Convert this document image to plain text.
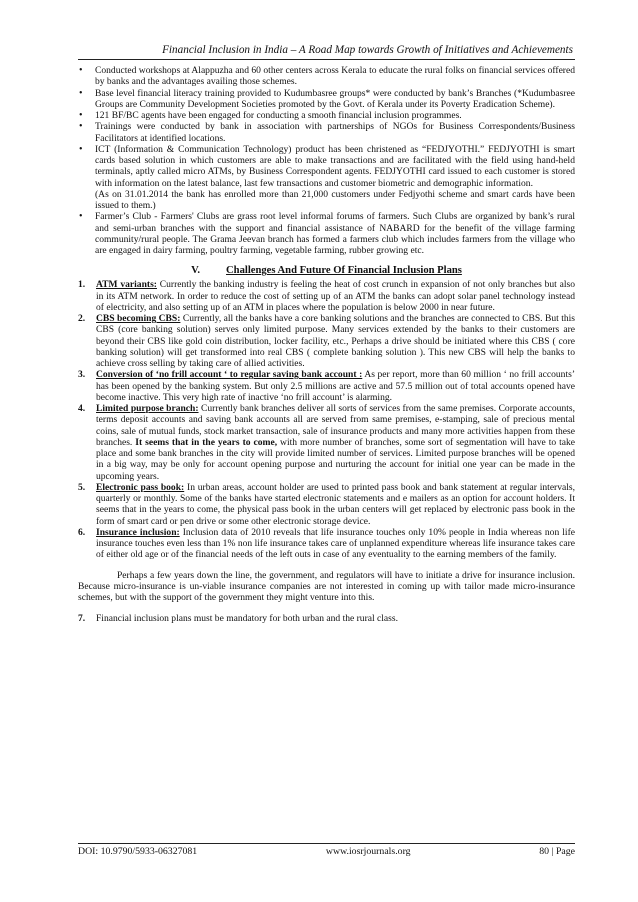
Financial Inclusion in India – A Road Map towards Growth of Initiatives and Achievements
• Conducted workshops at Alappuzha and 60 other centers across Kerala to educate the rural folks on financial services offered by banks and the advantages availing those schemes.
• Base level financial literacy training provided to Kudumbasree groups* were conducted by bank’s Branches (*Kudumbasree Groups are Community Development Societies promoted by the Govt. of Kerala under its Poverty Eradication Scheme).
• 121 BF/BC agents have been engaged for conducting a smooth financial inclusion programmes.
• Trainings were conducted by bank in association with partnerships of NGOs for Business Correspondents/Business Facilitators at identified locations.
• ICT (Information & Communication Technology) product has been christened as “FEDJYOTHI.” FEDJYOTHI is smart cards based solution in which customers are able to make transactions and are facilitated with the field using hand-held terminals, aptly called micro ATMs, by Business Correspondent agents. FEDJYOTHI card issued to each customer is stored with information on the latest balance, last few transactions and customer biometric and demographic information.
(As on 31.01.2014 the bank has enrolled more than 21,000 customers under Fedjyothi scheme and smart cards have been issued to them.)
• Farmer’s Club - Farmers' Clubs are grass root level informal forums of farmers. Such Clubs are organized by bank’s rural and semi-urban branches with the support and financial assistance of NABARD for the benefit of the village farming community/rural people. The Grama Jeevan branch has formed a farmers club which includes farmers from the village who are engaged in dairy farming, poultry farming, vegetable farming, rubber growing etc.
V. Challenges And Future Of Financial Inclusion Plans
1. ATM variants: Currently the banking industry is feeling the heat of cost crunch in expansion of not only branches but also in its ATM network. In order to reduce the cost of setting up of an ATM the banks can adopt solar panel technology instead of electricity, and also setting up of an ATM in places where the population is below 2000 in near future.
2. CBS becoming CBS: Currently, all the banks have a core banking solutions and the branches are connected to CBS. But this CBS (core banking solution) serves only limited purpose. Many services extended by the banks to their customers are beyond their CBS like gold coin distribution, locker facility, etc., Perhaps a drive should be initiated where this CBS ( core banking solution) will get transformed into real CBS ( complete banking solution ). This new CBS will help the banks to achieve cross selling by taking care of allied activities.
3. Conversion of ‘no frill account ‘ to regular saving bank account : As per report, more than 60 million ‘ no frill accounts’ has been opened by the banking system. But only 2.5 millions are active and 57.5 million out of total accounts opened have become inactive. This very high rate of inactive ‘no frill account’ is alarming.
4. Limited purpose branch: Currently bank branches deliver all sorts of services from the same premises. Corporate accounts, terms deposit accounts and saving bank accounts all are served from same premises, e-stamping, sale of precious mental coins, sale of mutual funds, stock market transaction, sale of insurance products and many more activities happen from these branches. It seems that in the years to come, with more number of branches, some sort of segmentation will have to take place and some bank branches in the city will provide limited number of services. Limited purpose branches will be opened in a big way, may be only for account opening purpose and nurturing the account for initial one year can be made in the upcoming years.
5. Electronic pass book: In urban areas, account holder are used to printed pass book and bank statement at regular intervals, quarterly or monthly. Some of the banks have started electronic statements and e mailers as an option for account holders. It seems that in the years to come, the physical pass book in the urban centers will get replaced by electronic pass book in the form of smart card or pen drive or some other electronic storage device.
6. Insurance inclusion: Inclusion data of 2010 reveals that life insurance touches only 10% people in India whereas non life insurance touches even less than 1% non life insurance takes care of unplanned expenditure whereas life insurance takes care of either old age or of the financial needs of the left outs in case of any eventuality to the earning members of the family.

Perhaps a few years down the line, the government, and regulators will have to initiate a drive for insurance inclusion. Because micro-insurance is un-viable insurance companies are not interested in coming up with tailor made micro-insurance schemes, but with the support of the government they might venture into this.

7. Financial inclusion plans must be mandatory for both urban and the rural class.
DOI: 10.9790/5933-06327081	www.iosrjournals.org	80 | Page
